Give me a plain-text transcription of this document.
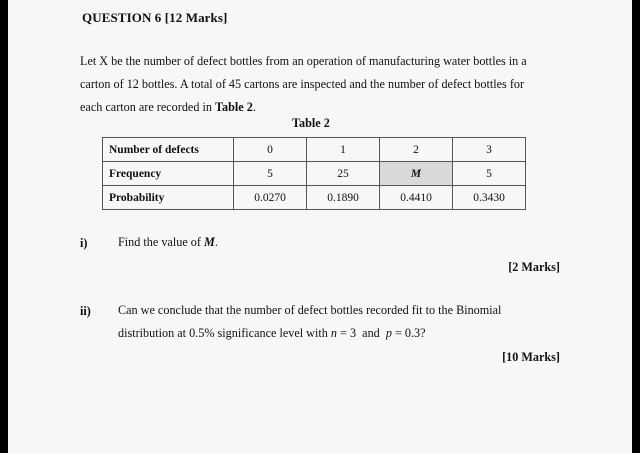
QUESTION 6 [12 Marks]
Let X be the number of defect bottles from an operation of manufacturing water bottles in a
carton of 12 bottles. A total of 45 cartons are inspected and the number of defect bottles for
each carton are recorded in Table 2.
Table 2
Number of defects	0	1	2	3
Frequency	5	25	M	5
Probability	0.0270	0.1890	0.4410	0.3430
i)	Find the value of M.
[2 Marks]
ii) Can we conclude that the number of defect bottles recorded fit to the Binomial
distribution at 0.5% significance level with n = 3  and  p = 0.3?
[10 Marks]
